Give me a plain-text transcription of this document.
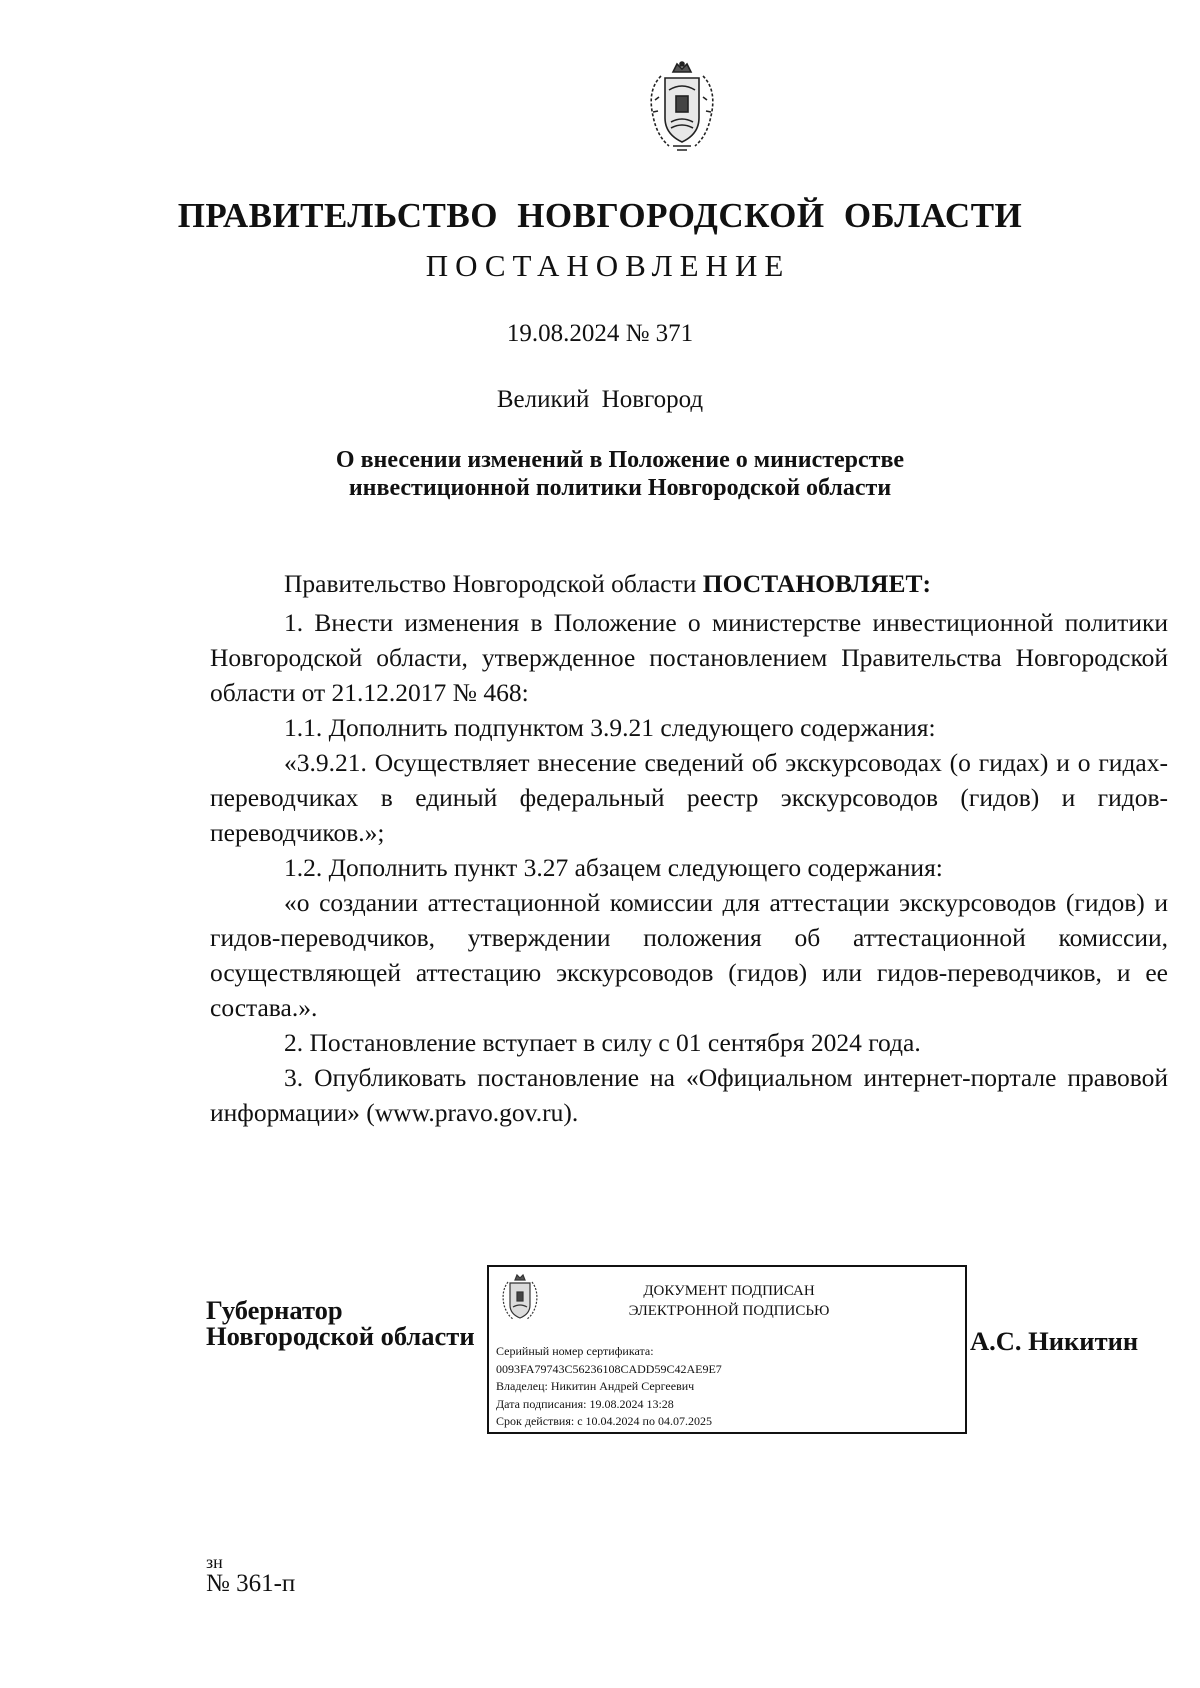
ПРАВИТЕЛЬСТВО НОВГОРОДСКОЙ ОБЛАСТИ
ПОСТАНОВЛЕНИЕ
19.08.2024 № 371
Великий Новгород
О внесении изменений в Положение о министерстве
инвестиционной политики Новгородской области

Правительство Новгородской области ПОСТАНОВЛЯЕТ:

1. Внести изменения в Положение о министерстве инвестиционной политики Новгородской области, утвержденное постановлением Правительства Новгородской области от 21.12.2017 № 468:

1.1. Дополнить подпунктом 3.9.21 следующего содержания:

«3.9.21. Осуществляет внесение сведений об экскурсоводах (о гидах) и о гидах-переводчиках в единый федеральный реестр экскурсоводов (гидов) и гидов-переводчиков.»;

1.2. Дополнить пункт 3.27 абзацем следующего содержания:

«о создании аттестационной комиссии для аттестации экскурсоводов (гидов) и гидов-переводчиков, утверждении положения об аттестационной комиссии, осуществляющей аттестацию экскурсоводов (гидов) или гидов-переводчиков, и ее состава.».

2. Постановление вступает в силу с 01 сентября 2024 года.

3. Опубликовать постановление на «Официальном интернет-портале правовой информации» (www.pravo.gov.ru).

Губернатор
Новгородской области
ДОКУМЕНТ ПОДПИСАН
ЭЛЕКТРОННОЙ ПОДПИСЬЮ
Серийный номер сертификата:
0093FA79743C56236108CADD59C42AE9E7
Владелец: Никитин Андрей Сергеевич
Дата подписания: 19.08.2024 13:28
Срок действия: с 10.04.2024 по 04.07.2025
А.С. Никитин
зн
№ 361-п
